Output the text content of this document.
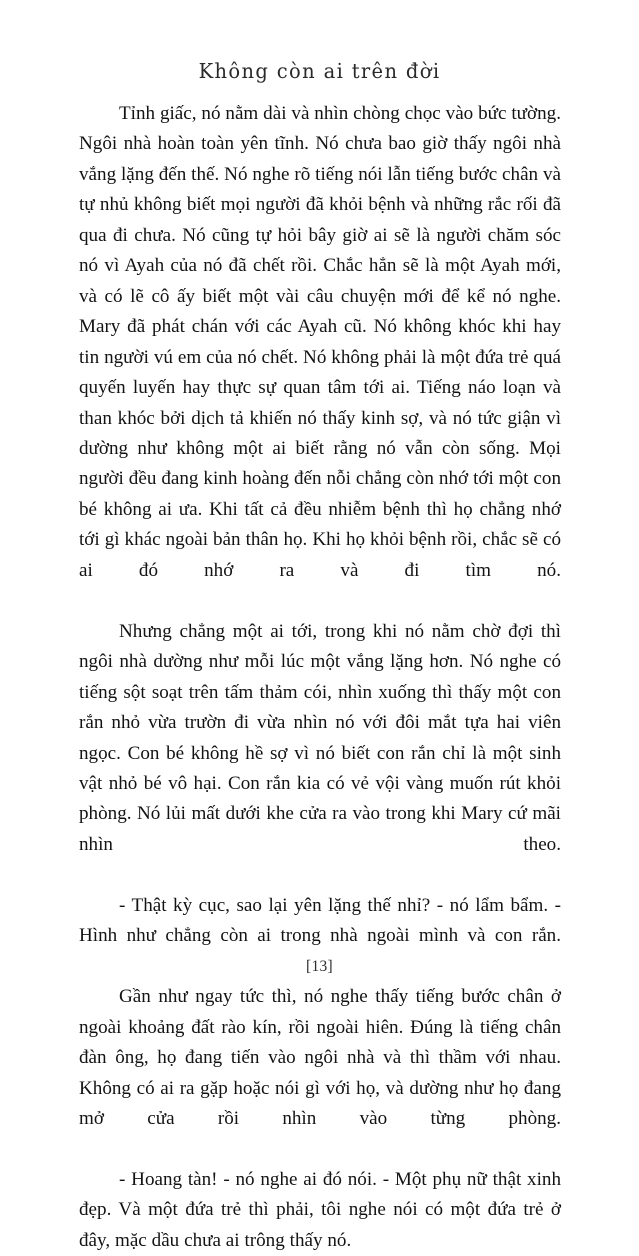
Không còn ai trên đời

Tỉnh giấc, nó nằm dài và nhìn chòng chọc vào bức tường. Ngôi nhà hoàn toàn yên tĩnh. Nó chưa bao giờ thấy ngôi nhà vắng lặng đến thế. Nó nghe rõ tiếng nói lẫn tiếng bước chân và tự nhủ không biết mọi người đã khỏi bệnh và những rắc rối đã qua đi chưa. Nó cũng tự hỏi bây giờ ai sẽ là người chăm sóc nó vì Ayah của nó đã chết rồi. Chắc hẳn sẽ là một Ayah mới, và có lẽ cô ấy biết một vài câu chuyện mới để kể nó nghe. Mary đã phát chán với các Ayah cũ. Nó không khóc khi hay tin người vú em của nó chết. Nó không phải là một đứa trẻ quá quyến luyến hay thực sự quan tâm tới ai. Tiếng náo loạn và than khóc bởi dịch tả khiến nó thấy kinh sợ, và nó tức giận vì dường như không một ai biết rằng nó vẫn còn sống. Mọi người đều đang kinh hoàng đến nỗi chẳng còn nhớ tới một con bé không ai ưa. Khi tất cả đều nhiễm bệnh thì họ chẳng nhớ tới gì khác ngoài bản thân họ. Khi họ khỏi bệnh rồi, chắc sẽ có ai đó nhớ ra và đi tìm nó.

Nhưng chẳng một ai tới, trong khi nó nằm chờ đợi thì ngôi nhà dường như mỗi lúc một vắng lặng hơn. Nó nghe có tiếng sột soạt trên tấm thảm cói, nhìn xuống thì thấy một con rắn nhỏ vừa trườn đi vừa nhìn nó với đôi mắt tựa hai viên ngọc. Con bé không hề sợ vì nó biết con rắn chỉ là một sinh vật nhỏ bé vô hại. Con rắn kia có vẻ vội vàng muốn rút khỏi phòng. Nó lủi mất dưới khe cửa ra vào trong khi Mary cứ mãi nhìn theo.

- Thật kỳ cục, sao lại yên lặng thế nhỉ? - nó lẩm bẩm. - Hình như chẳng còn ai trong nhà ngoài mình và con rắn.

Gần như ngay tức thì, nó nghe thấy tiếng bước chân ở ngoài khoảng đất rào kín, rồi ngoài hiên. Đúng là tiếng chân đàn ông, họ đang tiến vào ngôi nhà và thì thầm với nhau. Không có ai ra gặp hoặc nói gì với họ, và dường như họ đang mở cửa rồi nhìn vào từng phòng.

- Hoang tàn! - nó nghe ai đó nói. - Một phụ nữ thật xinh đẹp. Và một đứa trẻ thì phải, tôi nghe nói có một đứa trẻ ở đây, mặc dầu chưa ai trông thấy nó.

[13]
